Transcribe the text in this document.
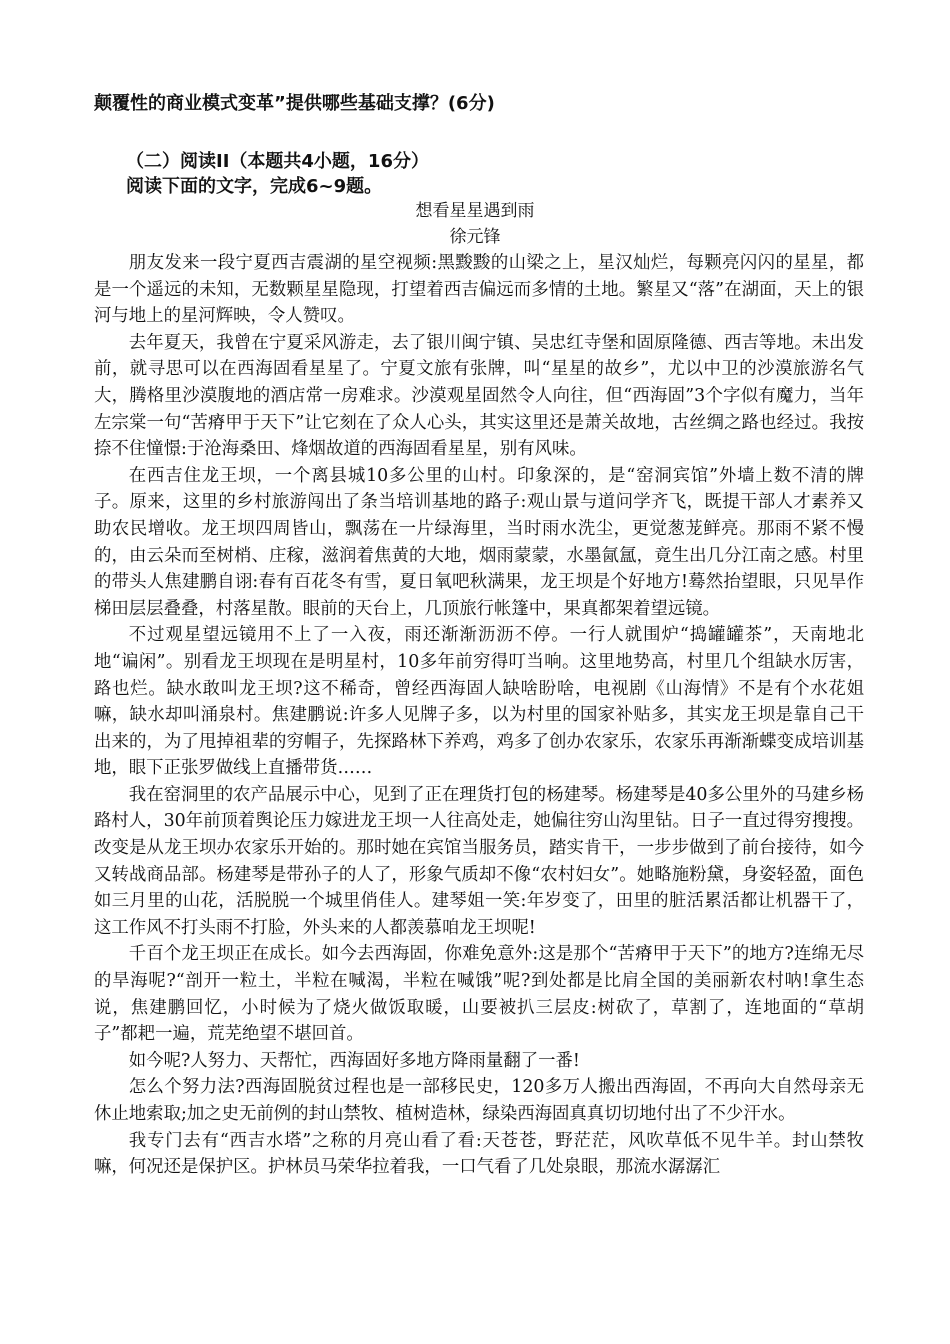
颠覆性的商业模式变革”提供哪些基础支撑？(6分)
（二）阅读II（本题共4小题，16分）
阅读下面的文字，完成6~9题。
想看星星遇到雨
徐元锋

朋友发来一段宁夏西吉震湖的星空视频:黑黢黢的山梁之上，星汉灿烂，每颗亮闪闪的星星，都是一个遥远的未知，无数颗星星隐现，打望着西吉偏远而多情的土地。繁星又“落”在湖面，天上的银河与地上的星河辉映，令人赞叹。

去年夏天，我曾在宁夏采风游走，去了银川闽宁镇、吴忠红寺堡和固原隆德、西吉等地。未出发前，就寻思可以在西海固看星星了。宁夏文旅有张牌，叫“星星的故乡”，尤以中卫的沙漠旅游名气大，腾格里沙漠腹地的酒店常一房难求。沙漠观星固然令人向往，但“西海固”3个字似有魔力，当年左宗棠一句“苦瘠甲于天下”让它刻在了众人心头，其实这里还是萧关故地，古丝绸之路也经过。我按捺不住憧憬:于沧海桑田、烽烟故道的西海固看星星，别有风味。

在西吉住龙王坝，一个离县城10多公里的山村。印象深的，是“窑洞宾馆”外墙上数不清的牌子。原来，这里的乡村旅游闯出了条当培训基地的路子:观山景与道问学齐飞，既提干部人才素养又助农民增收。龙王坝四周皆山，飘荡在一片绿海里，当时雨水洗尘，更觉葱茏鲜亮。那雨不紧不慢的，由云朵而至树梢、庄稼，滋润着焦黄的大地，烟雨蒙蒙，水墨氤氲，竟生出几分江南之感。村里的带头人焦建鹏自诩:春有百花冬有雪，夏日氧吧秋满果，龙王坝是个好地方!蓦然抬望眼，只见旱作梯田层层叠叠，村落星散。眼前的天台上，几顶旅行帐篷中，果真都架着望远镜。

不过观星望远镜用不上了一入夜，雨还渐渐沥沥不停。一行人就围炉“捣罐罐茶”，天南地北地“谝闲”。别看龙王坝现在是明星村，10多年前穷得叮当响。这里地势高，村里几个组缺水厉害，路也烂。缺水敢叫龙王坝?这不稀奇，曾经西海固人缺啥盼啥，电视剧《山海情》不是有个水花姐嘛，缺水却叫涌泉村。焦建鹏说:许多人见牌子多，以为村里的国家补贴多，其实龙王坝是靠自己干出来的，为了甩掉祖辈的穷帽子，先探路林下养鸡，鸡多了创办农家乐，农家乐再渐渐蝶变成培训基地，眼下正张罗做线上直播带货……

我在窑洞里的农产品展示中心，见到了正在理货打包的杨建琴。杨建琴是40多公里外的马建乡杨路村人，30年前顶着舆论压力嫁进龙王坝一人往高处走，她偏往穷山沟里钻。日子一直过得穷搜搜。改变是从龙王坝办农家乐开始的。那时她在宾馆当服务员，踏实肯干，一步步做到了前台接待，如今又转战商品部。杨建琴是带孙子的人了，形象气质却不像“农村妇女”。她略施粉黛，身姿轻盈，面色如三月里的山花，活脱脱一个城里俏佳人。建琴姐一笑:年岁变了，田里的脏活累活都让机器干了，这工作风不打头雨不打脸，外头来的人都羡慕咱龙王坝呢!

千百个龙王坝正在成长。如今去西海固，你难免意外:这是那个“苦瘠甲于天下”的地方?连绵无尽的旱海呢?“剖开一粒土，半粒在喊渴，半粒在喊饿”呢?到处都是比肩全国的美丽新农村呐!拿生态说，焦建鹏回忆，小时候为了烧火做饭取暖，山要被扒三层皮:树砍了，草割了，连地面的“草胡子”都耙一遍，荒芜绝望不堪回首。

如今呢?人努力、天帮忙，西海固好多地方降雨量翻了一番!

怎么个努力法?西海固脱贫过程也是一部移民史，120多万人搬出西海固，不再向大自然母亲无休止地索取;加之史无前例的封山禁牧、植树造林，绿染西海固真真切切地付出了不少汗水。

我专门去有“西吉水塔”之称的月亮山看了看:天苍苍，野茫茫，风吹草低不见牛羊。封山禁牧嘛，何况还是保护区。护林员马荣华拉着我，一口气看了几处泉眼，那流水潺潺汇
